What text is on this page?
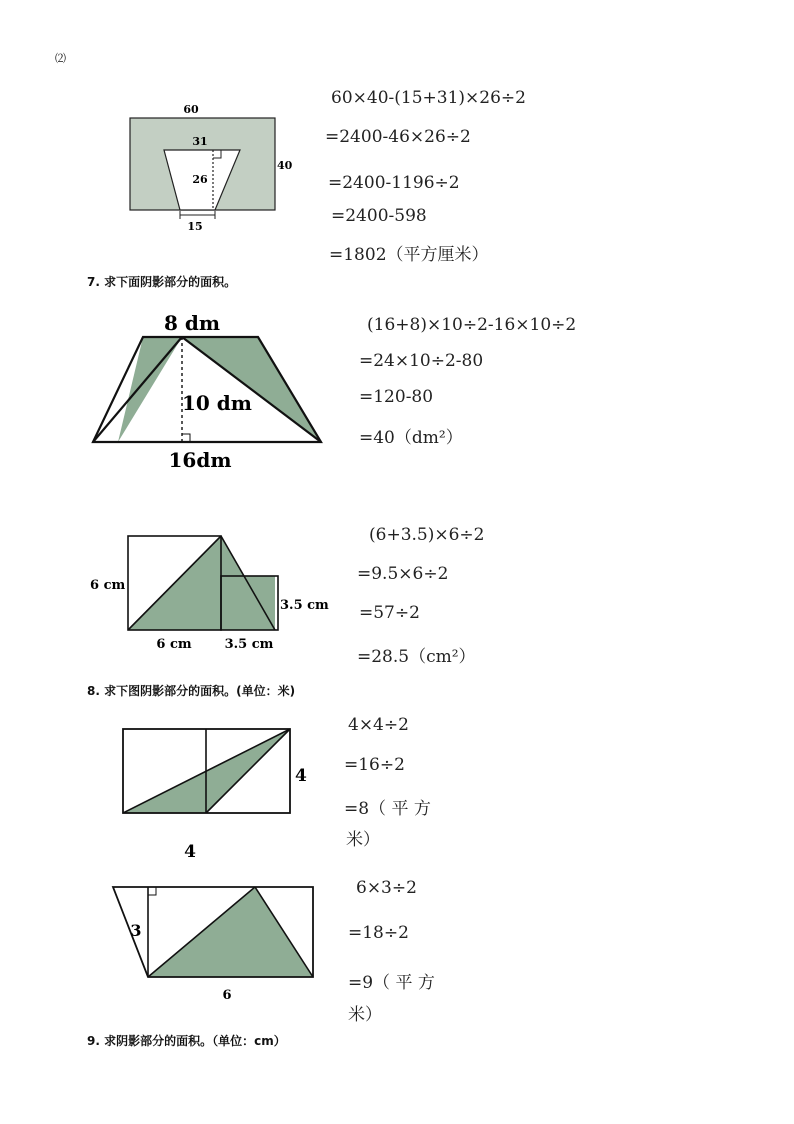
⑵
60
31
26
40
15
60×40-(15+31)×26÷2
=2400-46×26÷2
=2400-1196÷2
=2400-598
=1802（平方厘米）
7. 求下面阴影部分的面积。
8 dm
10 dm
16dm
(16+8)×10÷2-16×10÷2
=24×10÷2-80
=120-80
=40（dm²）
6 cm
3.5 cm
6 cm	3.5 cm
(6+3.5)×6÷2
=9.5×6÷2
=57÷2
=28.5（cm²）
8. 求下图阴影部分的面积。(单位：米)
4
4
4×4÷2
=16÷2
=8（ 平 方
米）
3
6
6×3÷2
=18÷2
=9（ 平 方
米）
9. 求阴影部分的面积。（单位：cm）
